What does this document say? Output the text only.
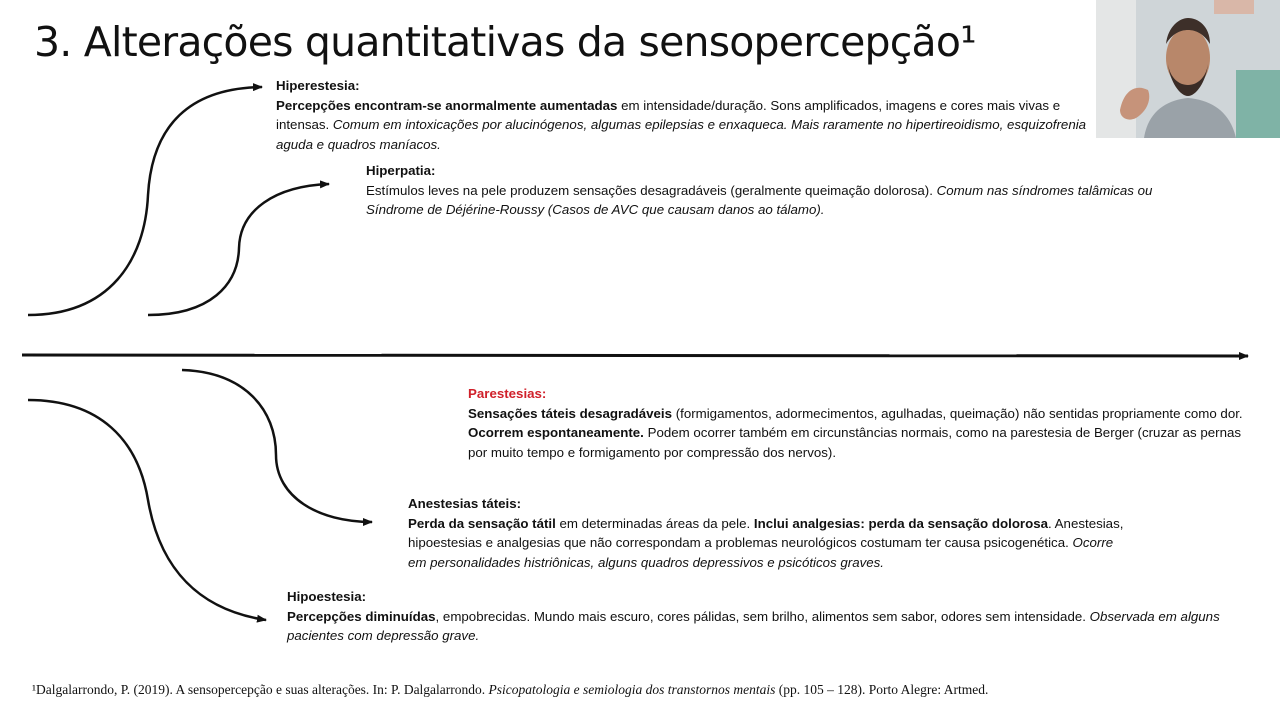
3. Alterações quantitativas da sensopercepção¹
Hiperestesia:
Percepções encontram-se anormalmente aumentadas em intensidade/duração. Sons amplificados, imagens e cores mais vivas e intensas. Comum em intoxicações por alucinógenos, algumas epilepsias e enxaqueca. Mais raramente no hipertireoidismo, esquizofrenia aguda e quadros maníacos.
Hiperpatia:
Estímulos leves na pele produzem sensações desagradáveis (geralmente queimação dolorosa). Comum nas síndromes talâmicas ou Síndrome de Déjérine-Roussy (Casos de AVC que causam danos ao tálamo).
Parestesias:
Sensações táteis desagradáveis (formigamentos, adormecimentos, agulhadas, queimação) não sentidas propriamente como dor. Ocorrem espontaneamente. Podem ocorrer também em circunstâncias normais, como na parestesia de Berger (cruzar as pernas por muito tempo e formigamento por compressão dos nervos).
Anestesias táteis:
Perda da sensação tátil em determinadas áreas da pele. Inclui analgesias: perda da sensação dolorosa. Anestesias, hipoestesias e analgesias que não correspondam a problemas neurológicos costumam ter causa psicogenética. Ocorre em personalidades histriônicas, alguns quadros depressivos e psicóticos graves.
Hipoestesia:
Percepções diminuídas, empobrecidas. Mundo mais escuro, cores pálidas, sem brilho, alimentos sem sabor, odores sem intensidade. Observada em alguns pacientes com depressão grave.
¹Dalgalarrondo, P. (2019). A sensopercepção e suas alterações. In: P. Dalgalarrondo. Psicopatologia e semiologia dos transtornos mentais (pp. 105 – 128). Porto Alegre: Artmed.
